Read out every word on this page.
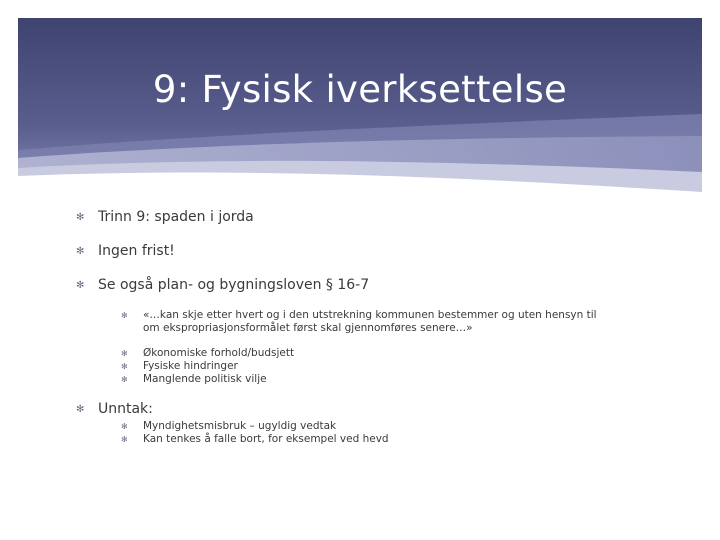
9: Fysisk iverksettelse
✻ Trinn 9: spaden i jorda
✻ Ingen frist!
✻ Se også plan- og bygningsloven § 16-7
✻ «…kan skje etter hvert og i den utstrekning kommunen bestemmer og uten hensyn til om ekspropriasjonsformålet først skal gjennomføres senere…»
✻ Økonomiske forhold/budsjett
✻ Fysiske hindringer
✻ Manglende politisk vilje
✻ Unntak:
✻ Myndighetsmisbruk – ugyldig vedtak
✻ Kan tenkes å falle bort, for eksempel ved hevd
